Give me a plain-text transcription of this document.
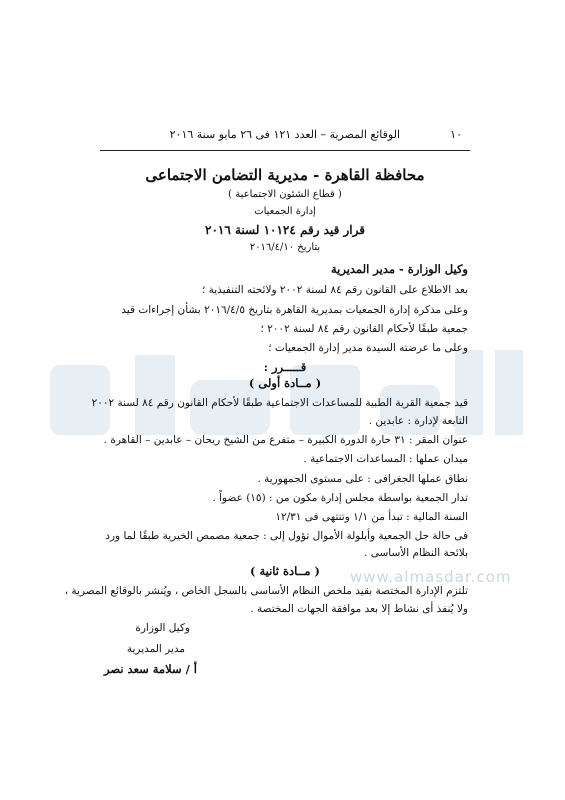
www.almasdar.com
الوقائع المصرية – العدد ١٢١ فى ٢٦ مايو سنة ٢٠١٦	١٠
محافظة القاهرة - مديرية التضامن الاجتماعى
( قطاع الشئون الاجتماعية )
إدارة الجمعيات
قرار قيد رقم ١٠١٢٤ لسنة ٢٠١٦
بتاريخ ٢٠١٦/٤/١٠
وكيل الوزارة - مدير المديرية
بعد الاطلاع على القانون رقم ٨٤ لسنة ٢٠٠٢ ولائحته التنفيذية ؛
وعلى مذكرة إدارة الجمعيات بمديرية القاهرة بتاريخ ٢٠١٦/٤/٥ بشأن إجراءات قيد
جمعية طبقًا لأحكام القانون رقم ٨٤ لسنة ٢٠٠٢ ؛
وعلى ما عرضته السيدة مدير إدارة الجمعيات ؛
قـــــرر :
( مــادة أولى )
قيد جمعية القرية الطبية للمساعدات الاجتماعية طبقًا لأحكام القانون رقم ٨٤ لسنة ٢٠٠٢
التابعة لإدارة : عابدين .
عنوان المقر : ٣١ حارة الدورة الكبيرة – متفرع من الشيخ ريحان – عابدين – القاهرة .
ميدان عملها : المساعدات الاجتماعية .
نطاق عملها الجغرافى : على مستوى الجمهورية .
تدار الجمعية بواسطة مجلس إدارة مكون من : (١٥) عضواً .
السنة المالية : تبدأ من ١/١ وتنتهى فى ١٢/٣١
فى حالة حل الجمعية وأيلولة الأموال تؤول إلى : جمعية مصمص الخيرية طبقًا لما ورد
بلائحة النظام الأساسى .
( مــادة ثانية )
تلتزم الإدارة المختصة بقيد ملخص النظام الأساسى بالسجل الخاص ، ويُنشر بالوقائع المصرية ،
ولا يُنفذ أى نشاط إلا بعد موافقة الجهات المختصة .
وكيل الوزارة
مدير المديرية
أ / سلامة سعد نصر
